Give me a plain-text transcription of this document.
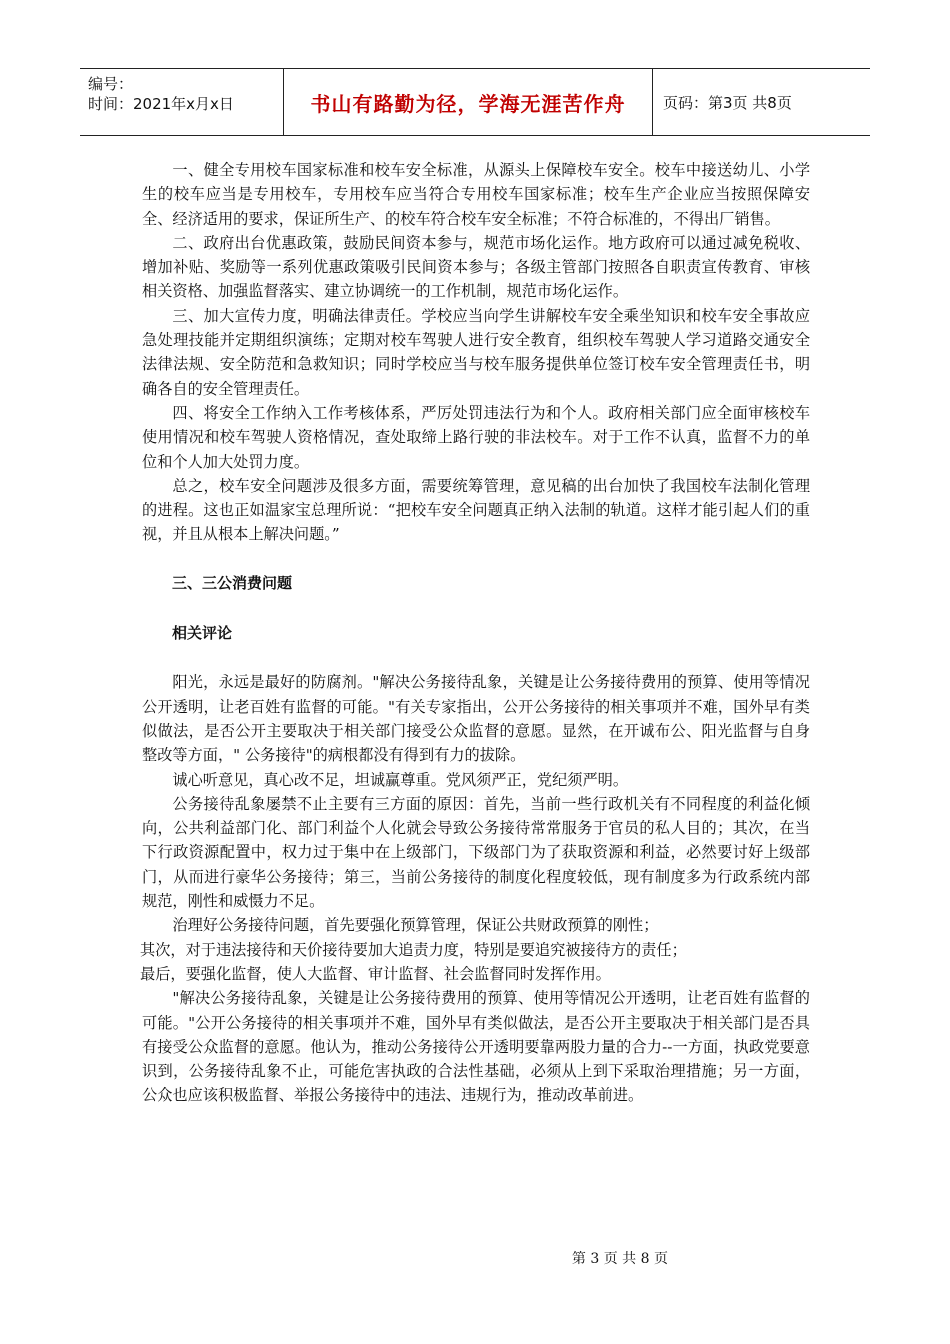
编号：
时间：2021年x月x日	书山有路勤为径，学海无涯苦作舟	页码：第3页 共8页

一、健全专用校车国家标准和校车安全标准，从源头上保障校车安全。校车中接送幼儿、小学生的校车应当是专用校车，专用校车应当符合专用校车国家标准；校车生产企业应当按照保障安全、经济适用的要求，保证所生产、的校车符合校车安全标准；不符合标准的，不得出厂销售。

二、政府出台优惠政策，鼓励民间资本参与，规范市场化运作。地方政府可以通过减免税收、增加补贴、奖励等一系列优惠政策吸引民间资本参与；各级主管部门按照各自职责宣传教育、审核相关资格、加强监督落实、建立协调统一的工作机制，规范市场化运作。

三、加大宣传力度，明确法律责任。学校应当向学生讲解校车安全乘坐知识和校车安全事故应急处理技能并定期组织演练；定期对校车驾驶人进行安全教育，组织校车驾驶人学习道路交通安全法律法规、安全防范和急救知识；同时学校应当与校车服务提供单位签订校车安全管理责任书，明确各自的安全管理责任。

四、将安全工作纳入工作考核体系，严厉处罚违法行为和个人。政府相关部门应全面审核校车使用情况和校车驾驶人资格情况，查处取缔上路行驶的非法校车。对于工作不认真，监督不力的单位和个人加大处罚力度。

总之，校车安全问题涉及很多方面，需要统筹管理，意见稿的出台加快了我国校车法制化管理的进程。这也正如温家宝总理所说：“把校车安全问题真正纳入法制的轨道。这样才能引起人们的重视，并且从根本上解决问题。”

三、三公消费问题

相关评论

阳光，永远是最好的防腐剂。"解决公务接待乱象，关键是让公务接待费用的预算、使用等情况公开透明，让老百姓有监督的可能。"有关专家指出，公开公务接待的相关事项并不难，国外早有类似做法，是否公开主要取决于相关部门接受公众监督的意愿。显然，在开诚布公、阳光监督与自身整改等方面，" 公务接待"的病根都没有得到有力的拔除。

诚心听意见，真心改不足，坦诚赢尊重。党风须严正，党纪须严明。

公务接待乱象屡禁不止主要有三方面的原因：首先，当前一些行政机关有不同程度的利益化倾向，公共利益部门化、部门利益个人化就会导致公务接待常常服务于官员的私人目的；其次，在当下行政资源配置中，权力过于集中在上级部门，下级部门为了获取资源和利益，必然要讨好上级部门，从而进行豪华公务接待；第三，当前公务接待的制度化程度较低，现有制度多为行政系统内部规范，刚性和威慑力不足。

治理好公务接待问题，首先要强化预算管理，保证公共财政预算的刚性；

其次，对于违法接待和天价接待要加大追责力度，特别是要追究被接待方的责任；

最后，要强化监督，使人大监督、审计监督、社会监督同时发挥作用。

"解决公务接待乱象，关键是让公务接待费用的预算、使用等情况公开透明，让老百姓有监督的可能。"公开公务接待的相关事项并不难，国外早有类似做法，是否公开主要取决于相关部门是否具有接受公众监督的意愿。他认为，推动公务接待公开透明要靠两股力量的合力--一方面，执政党要意识到，公务接待乱象不止，可能危害执政的合法性基础，必须从上到下采取治理措施；另一方面，公众也应该积极监督、举报公务接待中的违法、违规行为，推动改革前进。

第 3 页 共 8 页
